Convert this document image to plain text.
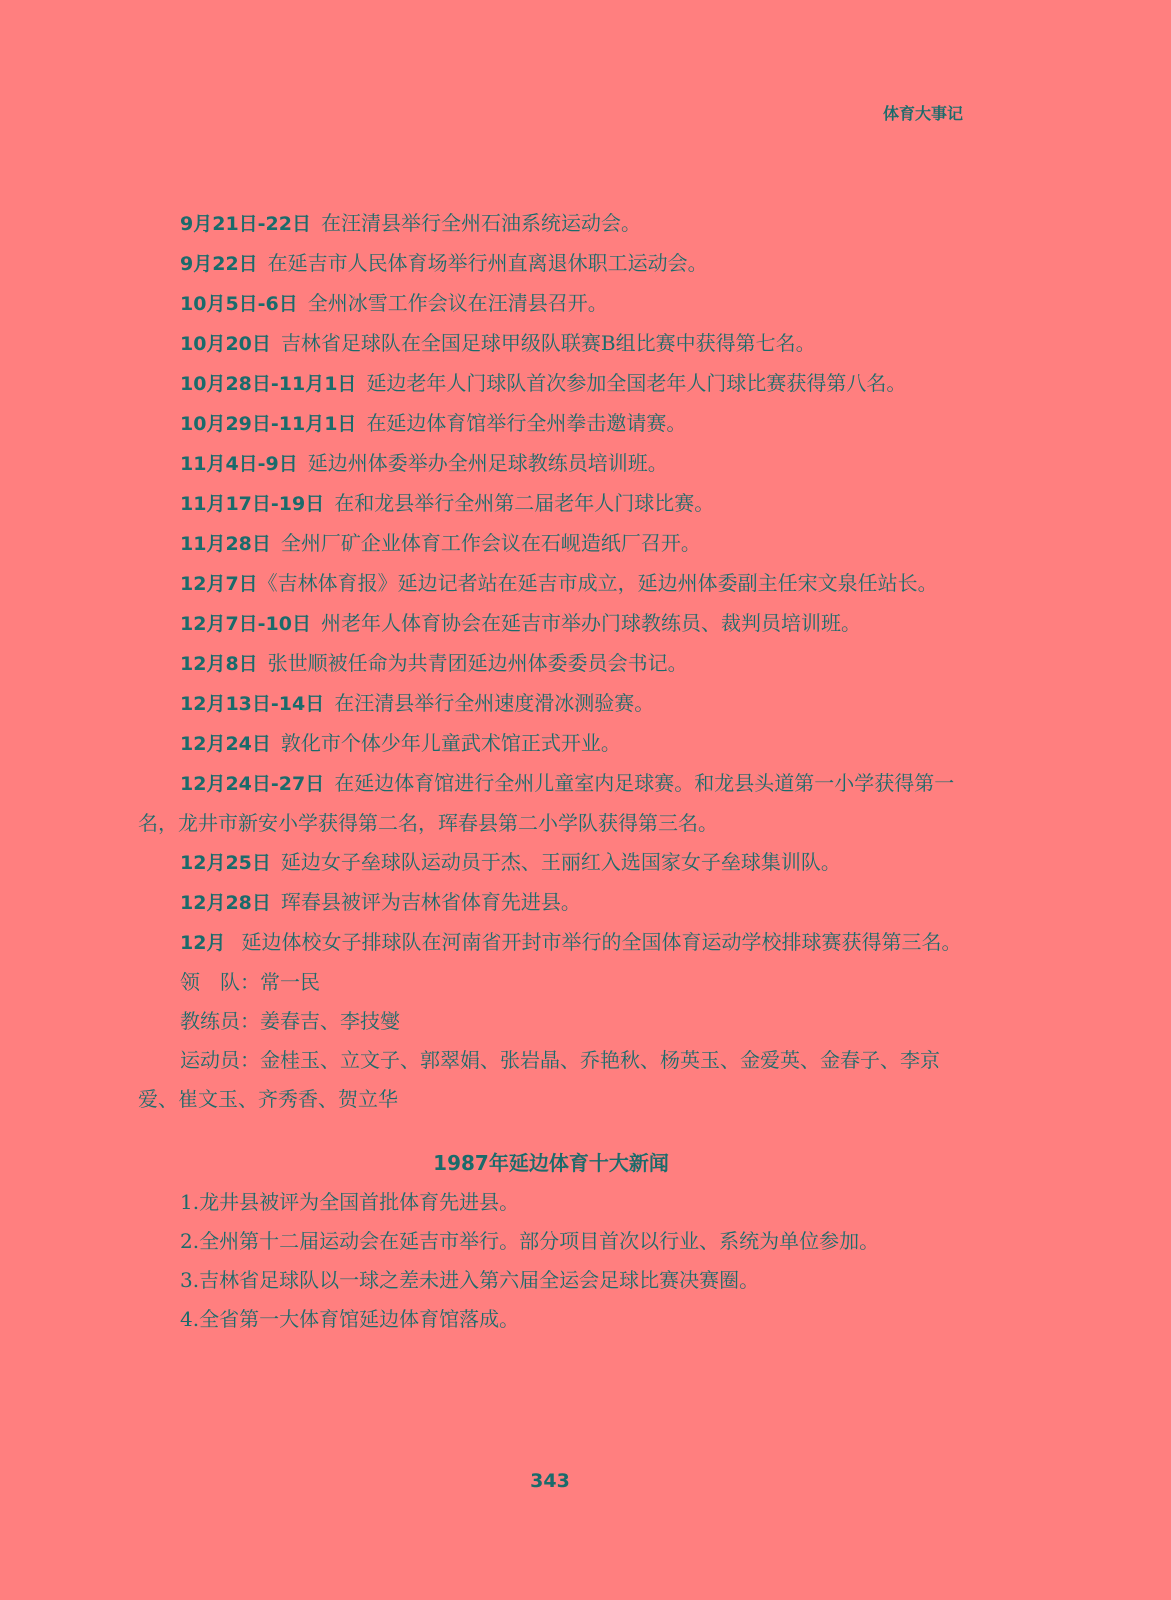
体育大事记

9月21日-22日 在汪清县举行全州石油系统运动会。

9月22日 在延吉市人民体育场举行州直离退休职工运动会。

10月5日-6日 全州冰雪工作会议在汪清县召开。

10月20日 吉林省足球队在全国足球甲级队联赛B组比赛中获得第七名。

10月28日-11月1日 延边老年人门球队首次参加全国老年人门球比赛获得第八名。

10月29日-11月1日 在延边体育馆举行全州拳击邀请赛。

11月4日-9日 延边州体委举办全州足球教练员培训班。

11月17日-19日 在和龙县举行全州第二届老年人门球比赛。

11月28日 全州厂矿企业体育工作会议在石岘造纸厂召开。

12月7日《吉林体育报》延边记者站在延吉市成立，延边州体委副主任宋文泉任站长。

12月7日-10日 州老年人体育协会在延吉市举办门球教练员、裁判员培训班。

12月8日 张世顺被任命为共青团延边州体委委员会书记。

12月13日-14日 在汪清县举行全州速度滑冰测验赛。

12月24日 敦化市个体少年儿童武术馆正式开业。

12月24日-27日 在延边体育馆进行全州儿童室内足球赛。和龙县头道第一小学获得第一名，龙井市新安小学获得第二名，珲春县第二小学队获得第三名。

12月25日 延边女子垒球队运动员于杰、王丽红入选国家女子垒球集训队。

12月28日 珲春县被评为吉林省体育先进县。

12月 延边体校女子排球队在河南省开封市举行的全国体育运动学校排球赛获得第三名。

领　队：常一民

教练员：姜春吉、李技燮

运动员：金桂玉、立文子、郭翠娟、张岩晶、乔艳秋、杨英玉、金爱英、金春子、李京爱、崔文玉、齐秀香、贺立华

1987年延边体育十大新闻

1.龙井县被评为全国首批体育先进县。

2.全州第十二届运动会在延吉市举行。部分项目首次以行业、系统为单位参加。

3.吉林省足球队以一球之差未进入第六届全运会足球比赛决赛圈。

4.全省第一大体育馆延边体育馆落成。

343
